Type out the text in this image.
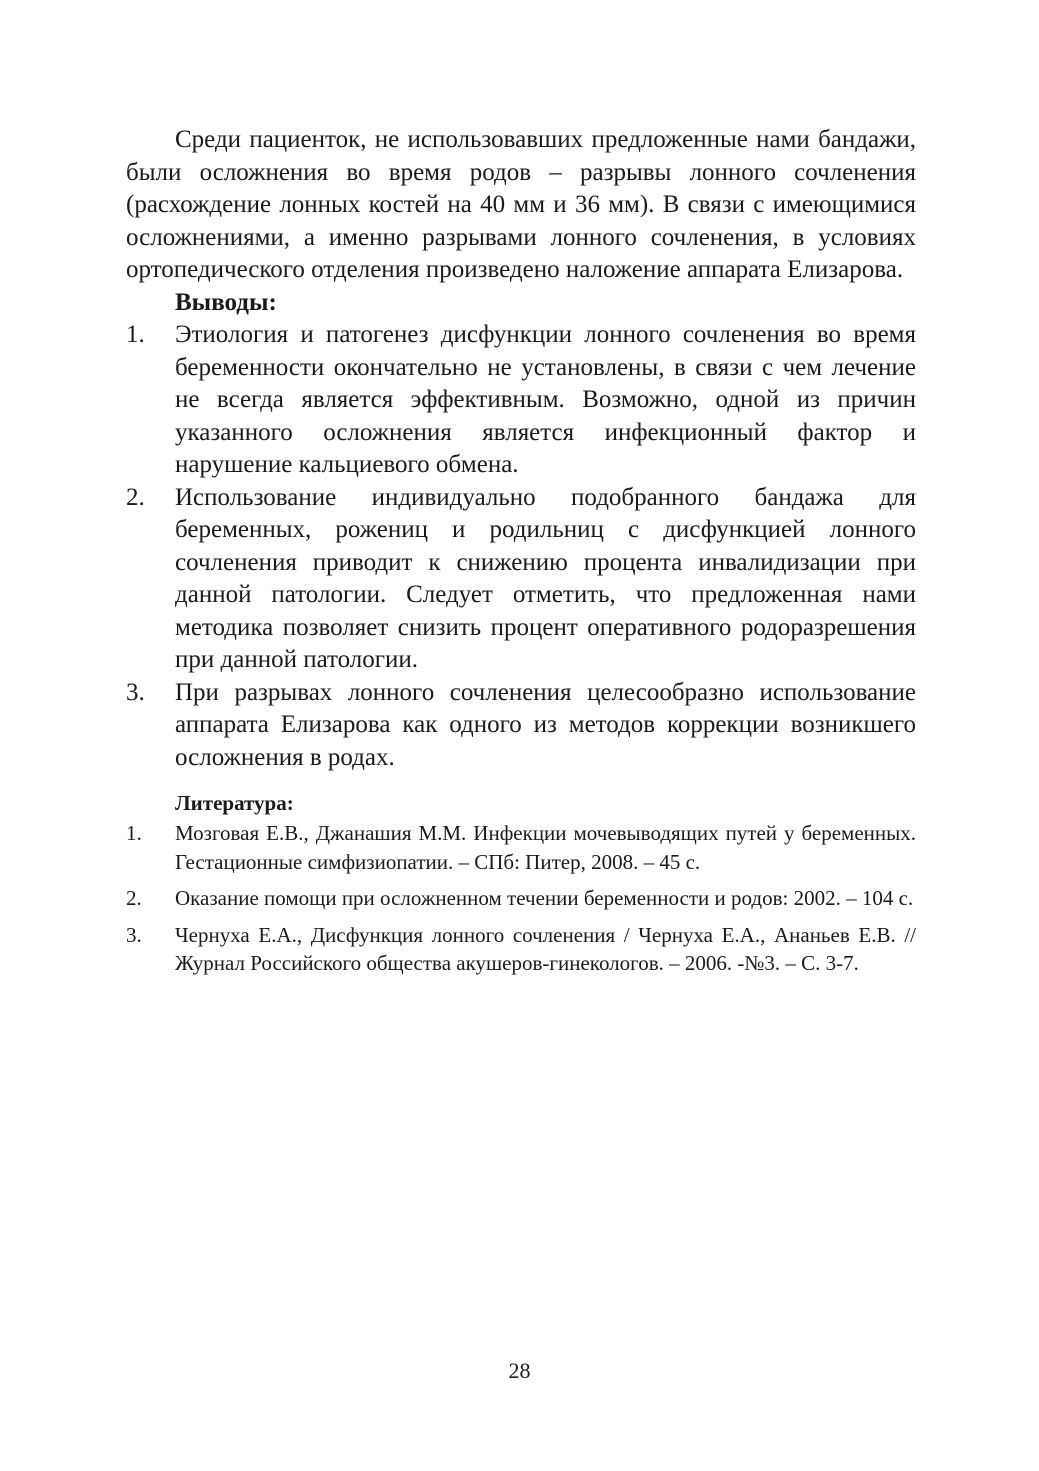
Среди пациенток, не использовавших предложенные нами бандажи, были осложнения во время родов – разрывы лонного сочленения (расхождение лонных костей на 40 мм и 36 мм). В связи с имеющимися осложнениями, а именно разрывами лонного сочленения, в условиях ортопедического отделения произведено наложение аппарата Елизарова.

Выводы:

1. Этиология и патогенез дисфункции лонного сочленения во время беременности окончательно не установлены, в связи с чем лечение не всегда является эффективным. Возможно, одной из причин указанного осложнения является инфекционный фактор и нарушение кальциевого обмена.
2. Использование индивидуально подобранного бандажа для беременных, рожениц и родильниц с дисфункцией лонного сочленения приводит к снижению процента инвалидизации при данной патологии. Следует отметить, что предложенная нами методика позволяет снизить процент оперативного родоразрешения при данной патологии.
3. При разрывах лонного сочленения целесообразно использование аппарата Елизарова как одного из методов коррекции возникшего осложнения в родах.

Литература:

1. Мозговая Е.В., Джанашия М.М. Инфекции мочевыводящих путей у беременных. Гестационные симфизиопатии. – СПб: Питер, 2008. – 45 с.
2. Оказание помощи при осложненном течении беременности и родов: 2002. – 104 с.
3. Чернуха Е.А., Дисфункция лонного сочленения / Чернуха Е.А., Ананьев Е.В. // Журнал Российского общества акушеров-гинекологов. – 2006. -№3. – С. 3-7.
28
